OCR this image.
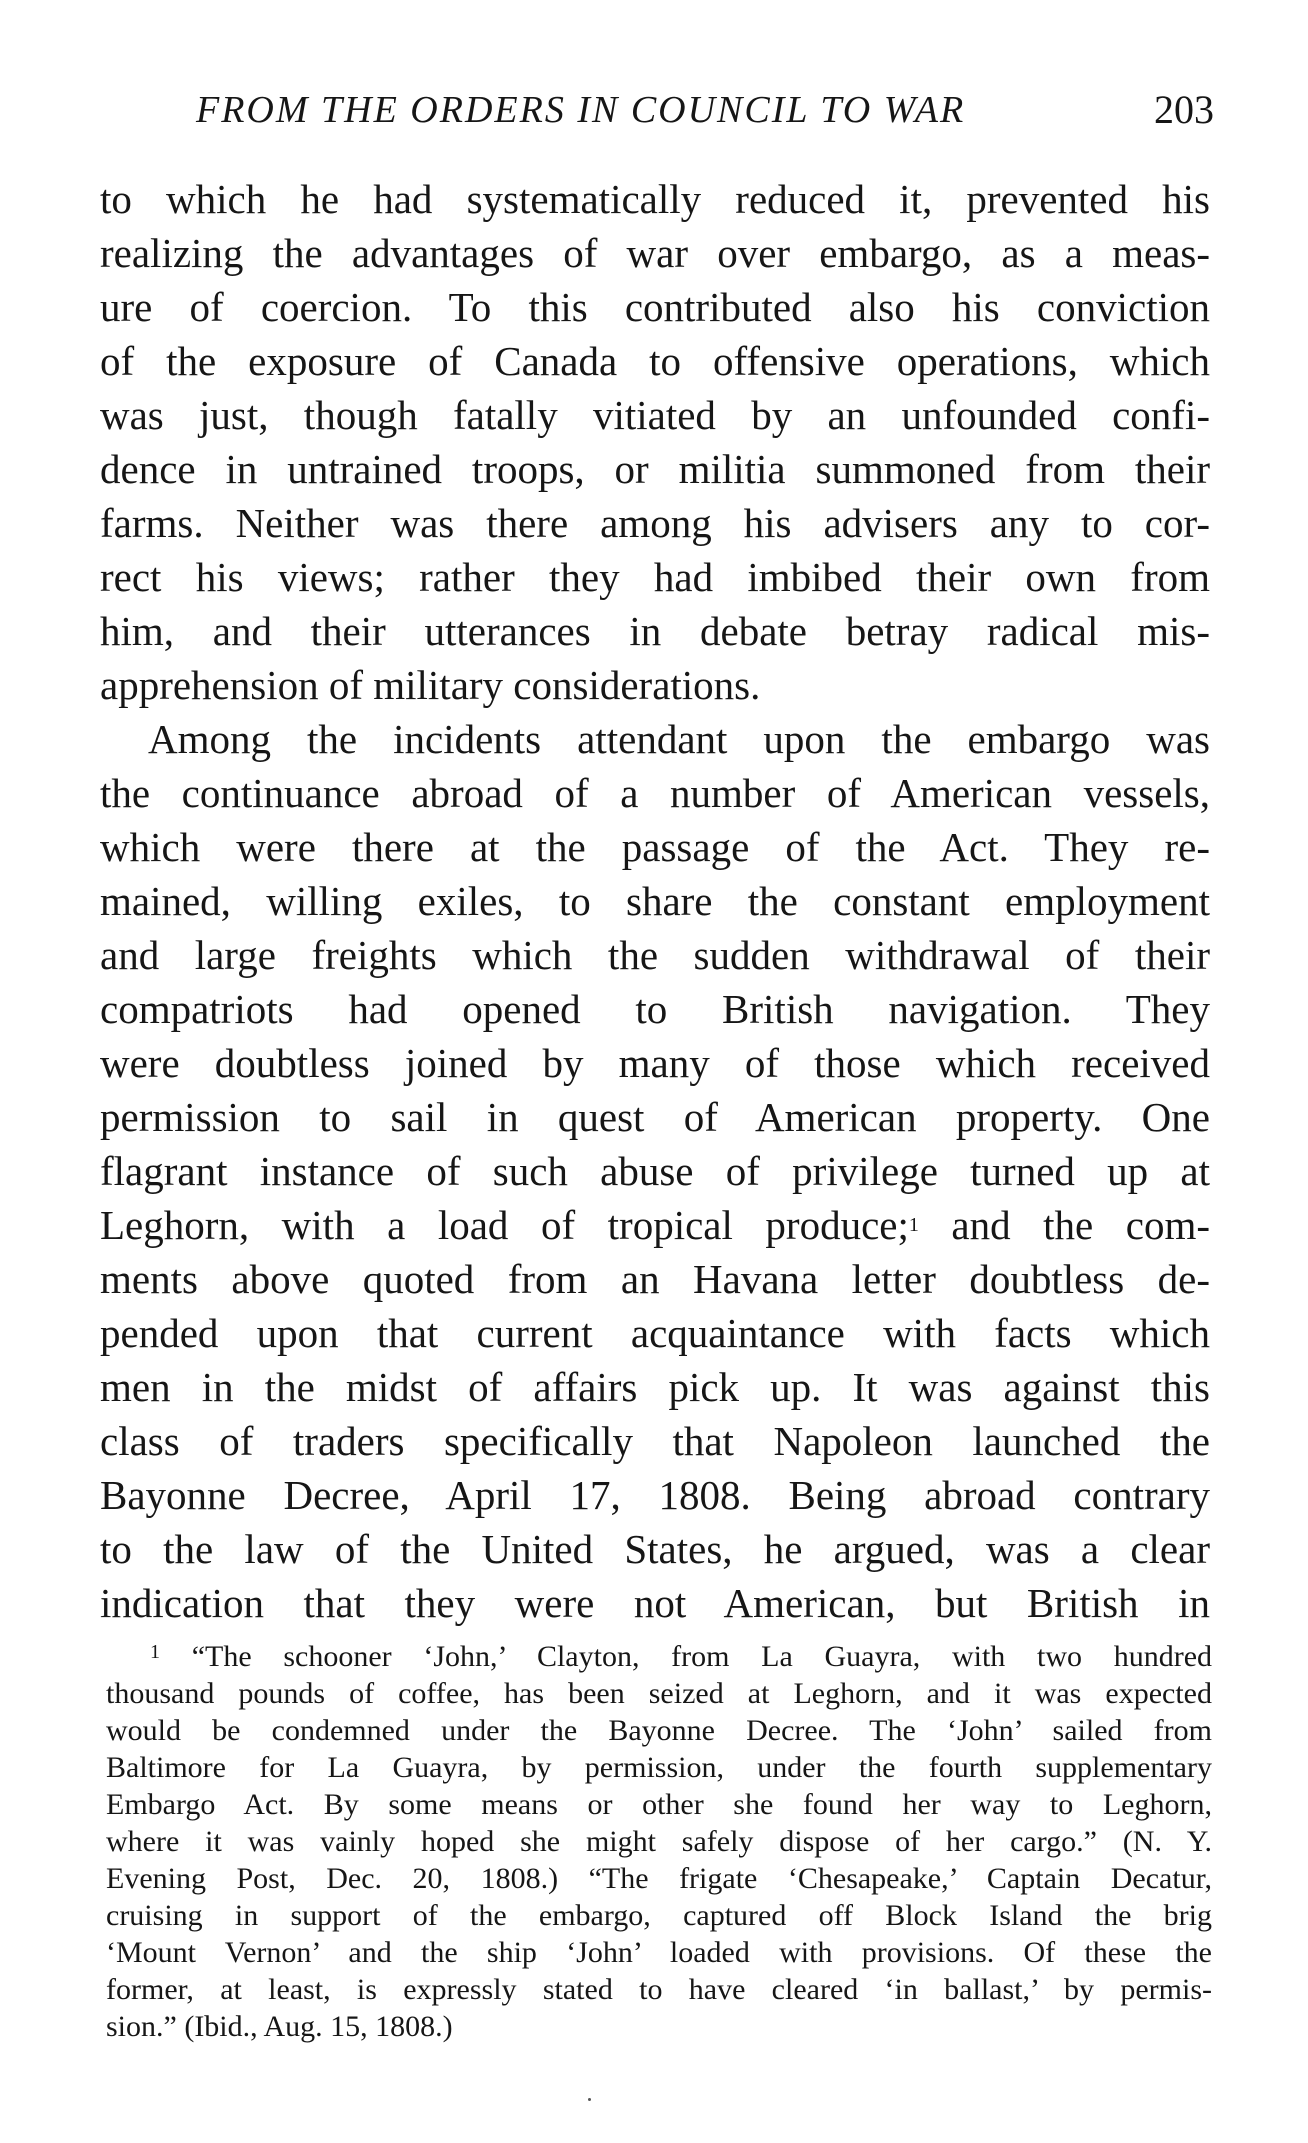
FROM THE ORDERS IN COUNCIL TO WAR	203
to which he had systematically reduced it, prevented his
realizing the advantages of war over embargo, as a meas-
ure of coercion. To this contributed also his conviction
of the exposure of Canada to offensive operations, which
was just, though fatally vitiated by an unfounded confi-
dence in untrained troops, or militia summoned from their
farms. Neither was there among his advisers any to cor-
rect his views; rather they had imbibed their own from
him, and their utterances in debate betray radical mis-
apprehension of military considerations.
Among the incidents attendant upon the embargo was
the continuance abroad of a number of American vessels,
which were there at the passage of the Act. They re-
mained, willing exiles, to share the constant employment
and large freights which the sudden withdrawal of their
compatriots had opened to British navigation. They
were doubtless joined by many of those which received
permission to sail in quest of American property. One
flagrant instance of such abuse of privilege turned up at
Leghorn, with a load of tropical produce;$^1$ and the com-
ments above quoted from an Havana letter doubtless de-
pended upon that current acquaintance with facts which
men in the midst of affairs pick up. It was against this
class of traders specifically that Napoleon launched the
Bayonne Decree, April 17, 1808. Being abroad contrary
to the law of the United States, he argued, was a clear
indication that they were not American, but British in
$^1$ “The schooner ‘John,’ Clayton, from La Guayra, with two hundred
thousand pounds of coffee, has been seized at Leghorn, and it was expected
would be condemned under the Bayonne Decree. The ‘John’ sailed from
Baltimore for La Guayra, by permission, under the fourth supplementary
Embargo Act. By some means or other she found her way to Leghorn,
where it was vainly hoped she might safely dispose of her cargo.” (N. Y.
Evening Post, Dec. 20, 1808.) “The frigate ‘Chesapeake,’ Captain Decatur,
cruising in support of the embargo, captured off Block Island the brig
‘Mount Vernon’ and the ship ‘John’ loaded with provisions. Of these the
former, at least, is expressly stated to have cleared ‘in ballast,’ by permis-
sion.” (Ibid., Aug. 15, 1808.)
